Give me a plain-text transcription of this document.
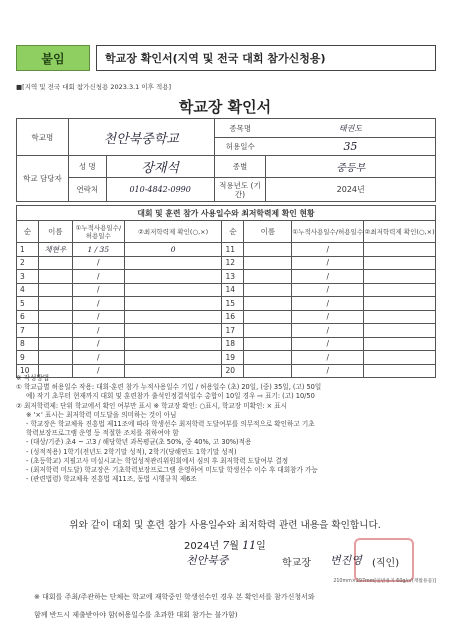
붙임	학교장 확인서(지역 및 전국 대회 참가신청용)
■[지역 및 전국 대회 참가신청용 2023.3.1 이후 적용]
학교장 확인서
학교명	천안북중학교		종목명	태권도
			허용일수	35
학교 담당자	성 명	장재석	종별	중등부
	연락처	010-4842-0990	적용년도 (기간)	2024년
대회 및 훈련 참가 사용일수와 최저학력제 확인 현황							
순	이름	①누적사용일수/허용일수	②최저학력제 확인(○,×)	순	이름	①누적사용일수/허용일수	②최저학력제 확인(○,×)
1	채현우	1 / 35	0	11		/	
2		/		12		/	
3		/		13		/	
4		/		14		/	
5		/		15		/	
6		/		16		/	
7		/		17		/	
8		/		18		/	
9		/		19		/	
10		/		20		/	
※ 작성방법
① 학교급별 허용일수 작용: 대회·훈련 참가 누적사용일수 기입 / 허용일수 (초) 20일, (중) 35일, (고) 50일
예) 작기 초무터 현재까지 대회 및 훈련참가 출석인정결석일수 총합이 10일 경우 ⇨ 표기: (고) 10/50
② 최저학력제: 단위 학교에서 확인 여부만 표시 ※ 학교장 확인: ○표시, 학교장 미확인: × 표시
※ '×' 표시는 최저학력 미도달을 의미하는 것이 아님
- 학교장은 학교체육 진흥법 제11조에 따라 학생선수 최저학력 도달여부를 의무적으로 확인하고 기초
학력보장프로그램 운영 등 적절한 조치를 취하여야 함
- (대상/기준) 초4 ~ 고3 / 해당학년 과목평균(초 50%, 중 40%, 고 30%)적용
- (성적적용) 1학기(전년도 2학기말 성적), 2학기(당해연도 1학기말 성적)
- (초등학교) 지필고사 미실시교는 학업성적관리위원회에서 심의 후 최저학력 도달여부 결정
- (최저학력 미도달) 학교장은 기초학력보장프로그램 운영하여 미도달 학생선수 이수 후 대회참가 가능
- (관련법령) 학교체육 진흥법 제11조, 동법 시행규칙 제6조
위와 같이 대회 및 훈련 참가 사용일수와 최저학력 관련 내용을 확인합니다.
2024년 7월 11일
천안북중	학교장 변진영 (직인)
210mm×297mm[일반용지 60g/㎡(재활용품)]
※ 대회를 주최/주관하는 단체는 학교에 재학중인 학생선수인 경우 본 확인서를 참가신청서와
함께 반드시 제출받아야 함(허용일수를 초과한 대회 참가는 불가함)
